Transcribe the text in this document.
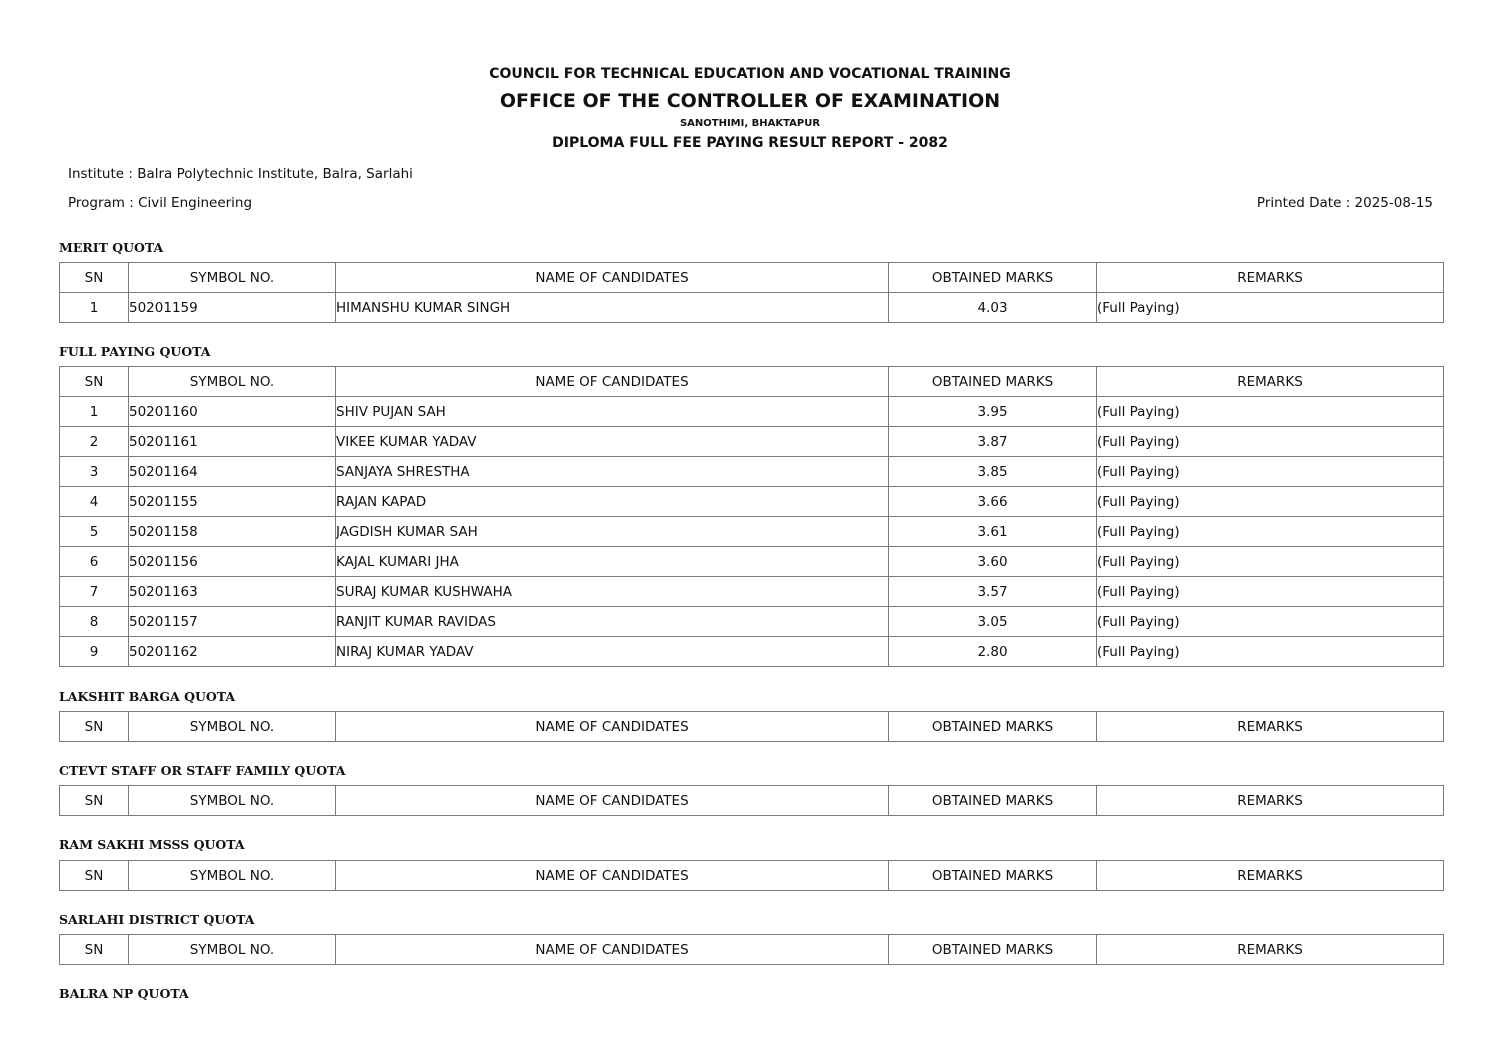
COUNCIL FOR TECHNICAL EDUCATION AND VOCATIONAL TRAINING
OFFICE OF THE CONTROLLER OF EXAMINATION
SANOTHIMI, BHAKTAPUR
DIPLOMA FULL FEE PAYING RESULT REPORT - 2082
Institute : Balra Polytechnic Institute, Balra, Sarlahi
Program : Civil Engineering	Printed Date : 2025-08-15
MERIT QUOTA
SN	SYMBOL NO.	NAME OF CANDIDATES	OBTAINED MARKS	REMARKS
1	50201159	HIMANSHU KUMAR SINGH	4.03	(Full Paying)
FULL PAYING QUOTA
SN	SYMBOL NO.	NAME OF CANDIDATES	OBTAINED MARKS	REMARKS
1	50201160	SHIV PUJAN SAH	3.95	(Full Paying)
2	50201161	VIKEE KUMAR YADAV	3.87	(Full Paying)
3	50201164	SANJAYA SHRESTHA	3.85	(Full Paying)
4	50201155	RAJAN KAPAD	3.66	(Full Paying)
5	50201158	JAGDISH KUMAR SAH	3.61	(Full Paying)
6	50201156	KAJAL KUMARI JHA	3.60	(Full Paying)
7	50201163	SURAJ KUMAR KUSHWAHA	3.57	(Full Paying)
8	50201157	RANJIT KUMAR RAVIDAS	3.05	(Full Paying)
9	50201162	NIRAJ KUMAR YADAV	2.80	(Full Paying)
LAKSHIT BARGA QUOTA
SN	SYMBOL NO.	NAME OF CANDIDATES	OBTAINED MARKS	REMARKS
CTEVT STAFF OR STAFF FAMILY QUOTA
SN	SYMBOL NO.	NAME OF CANDIDATES	OBTAINED MARKS	REMARKS
RAM SAKHI MSSS QUOTA
SN	SYMBOL NO.	NAME OF CANDIDATES	OBTAINED MARKS	REMARKS
SARLAHI DISTRICT QUOTA
SN	SYMBOL NO.	NAME OF CANDIDATES	OBTAINED MARKS	REMARKS
BALRA NP QUOTA
